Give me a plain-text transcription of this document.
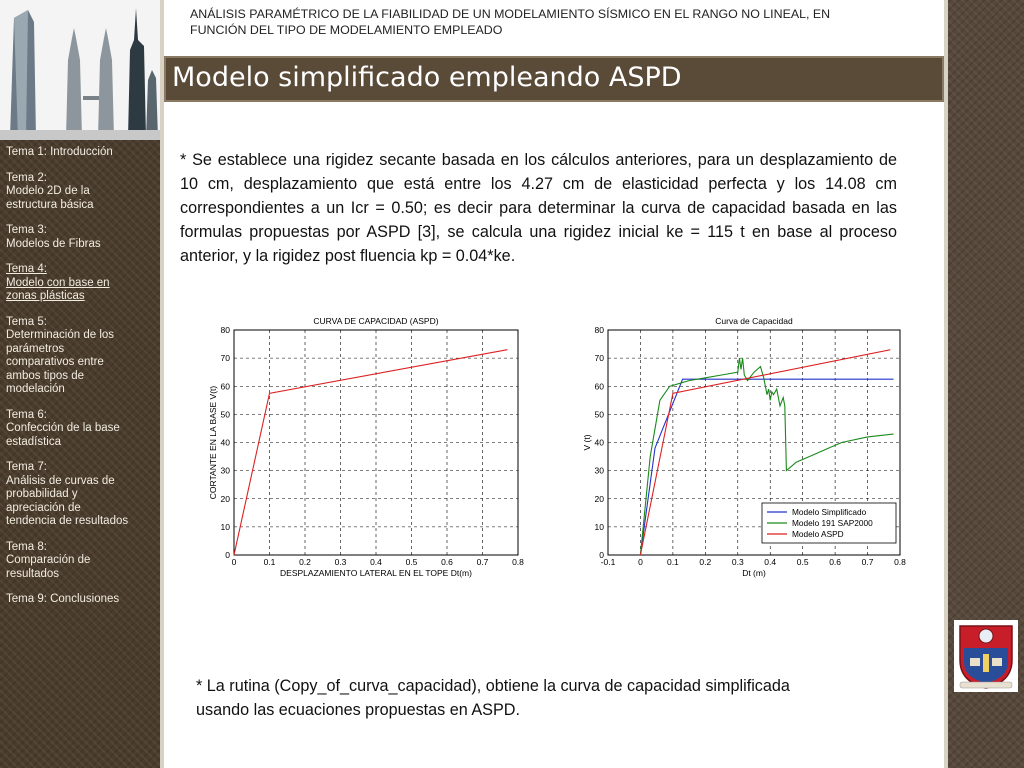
Tema 1: Introducción
Tema 2:
Modelo 2D de la
estructura básica
Tema 3:
Modelos de Fibras
Tema 4:
Modelo con base en
zonas plásticas
Tema 5:
Determinación de los
parámetros
comparativos entre
ambos tipos de
modelación
Tema 6:
Confección de la base
estadística
Tema 7:
Análisis de curvas de
probabilidad y
apreciación de
tendencia de resultados
Tema 8:
Comparación de
resultados
Tema 9: Conclusiones
ANÁLISIS PARAMÉTRICO DE LA FIABILIDAD DE UN MODELAMIENTO SÍSMICO EN EL RANGO NO LINEAL, EN
FUNCIÓN DEL TIPO DE MODELAMIENTO EMPLEADO
Modelo simplificado empleando ASPD
* Se establece una rigidez secante basada en los cálculos anteriores, para un desplazamiento de 10 cm, desplazamiento que está entre los 4.27 cm de elasticidad perfecta y los 14.08 cm correspondientes a un Icr = 0.50; es decir para determinar la curva de capacidad basada en las formulas propuestas por ASPD [3], se calcula una rigidez inicial ke = 115 t en base al proceso anterior, y la rigidez post fluencia kp = 0.04*ke.
0	0.1	0.2	0.3	0.4	0.5	0.6	0.7	0.8
0
10
20
30
40
50
60
70
80
CURVA DE CAPACIDAD (ASPD)
DESPLAZAMIENTO LATERAL EN EL TOPE Dt(m)
CORTANTE EN LA BASE V(t)
-0.1	0	0.1 0.2 0.3 0.4 0.5 0.6 0.7 0.8
0
10
20
30
40
50
60
70
80
Curva de Capacidad
Dt (m)
V (t)
Modelo Simplificado
Modelo 191 SAP2000
Modelo ASPD
* La rutina (Copy_of_curva_capacidad), obtiene la curva de capacidad simplificada
usando las ecuaciones propuestas en ASPD.
